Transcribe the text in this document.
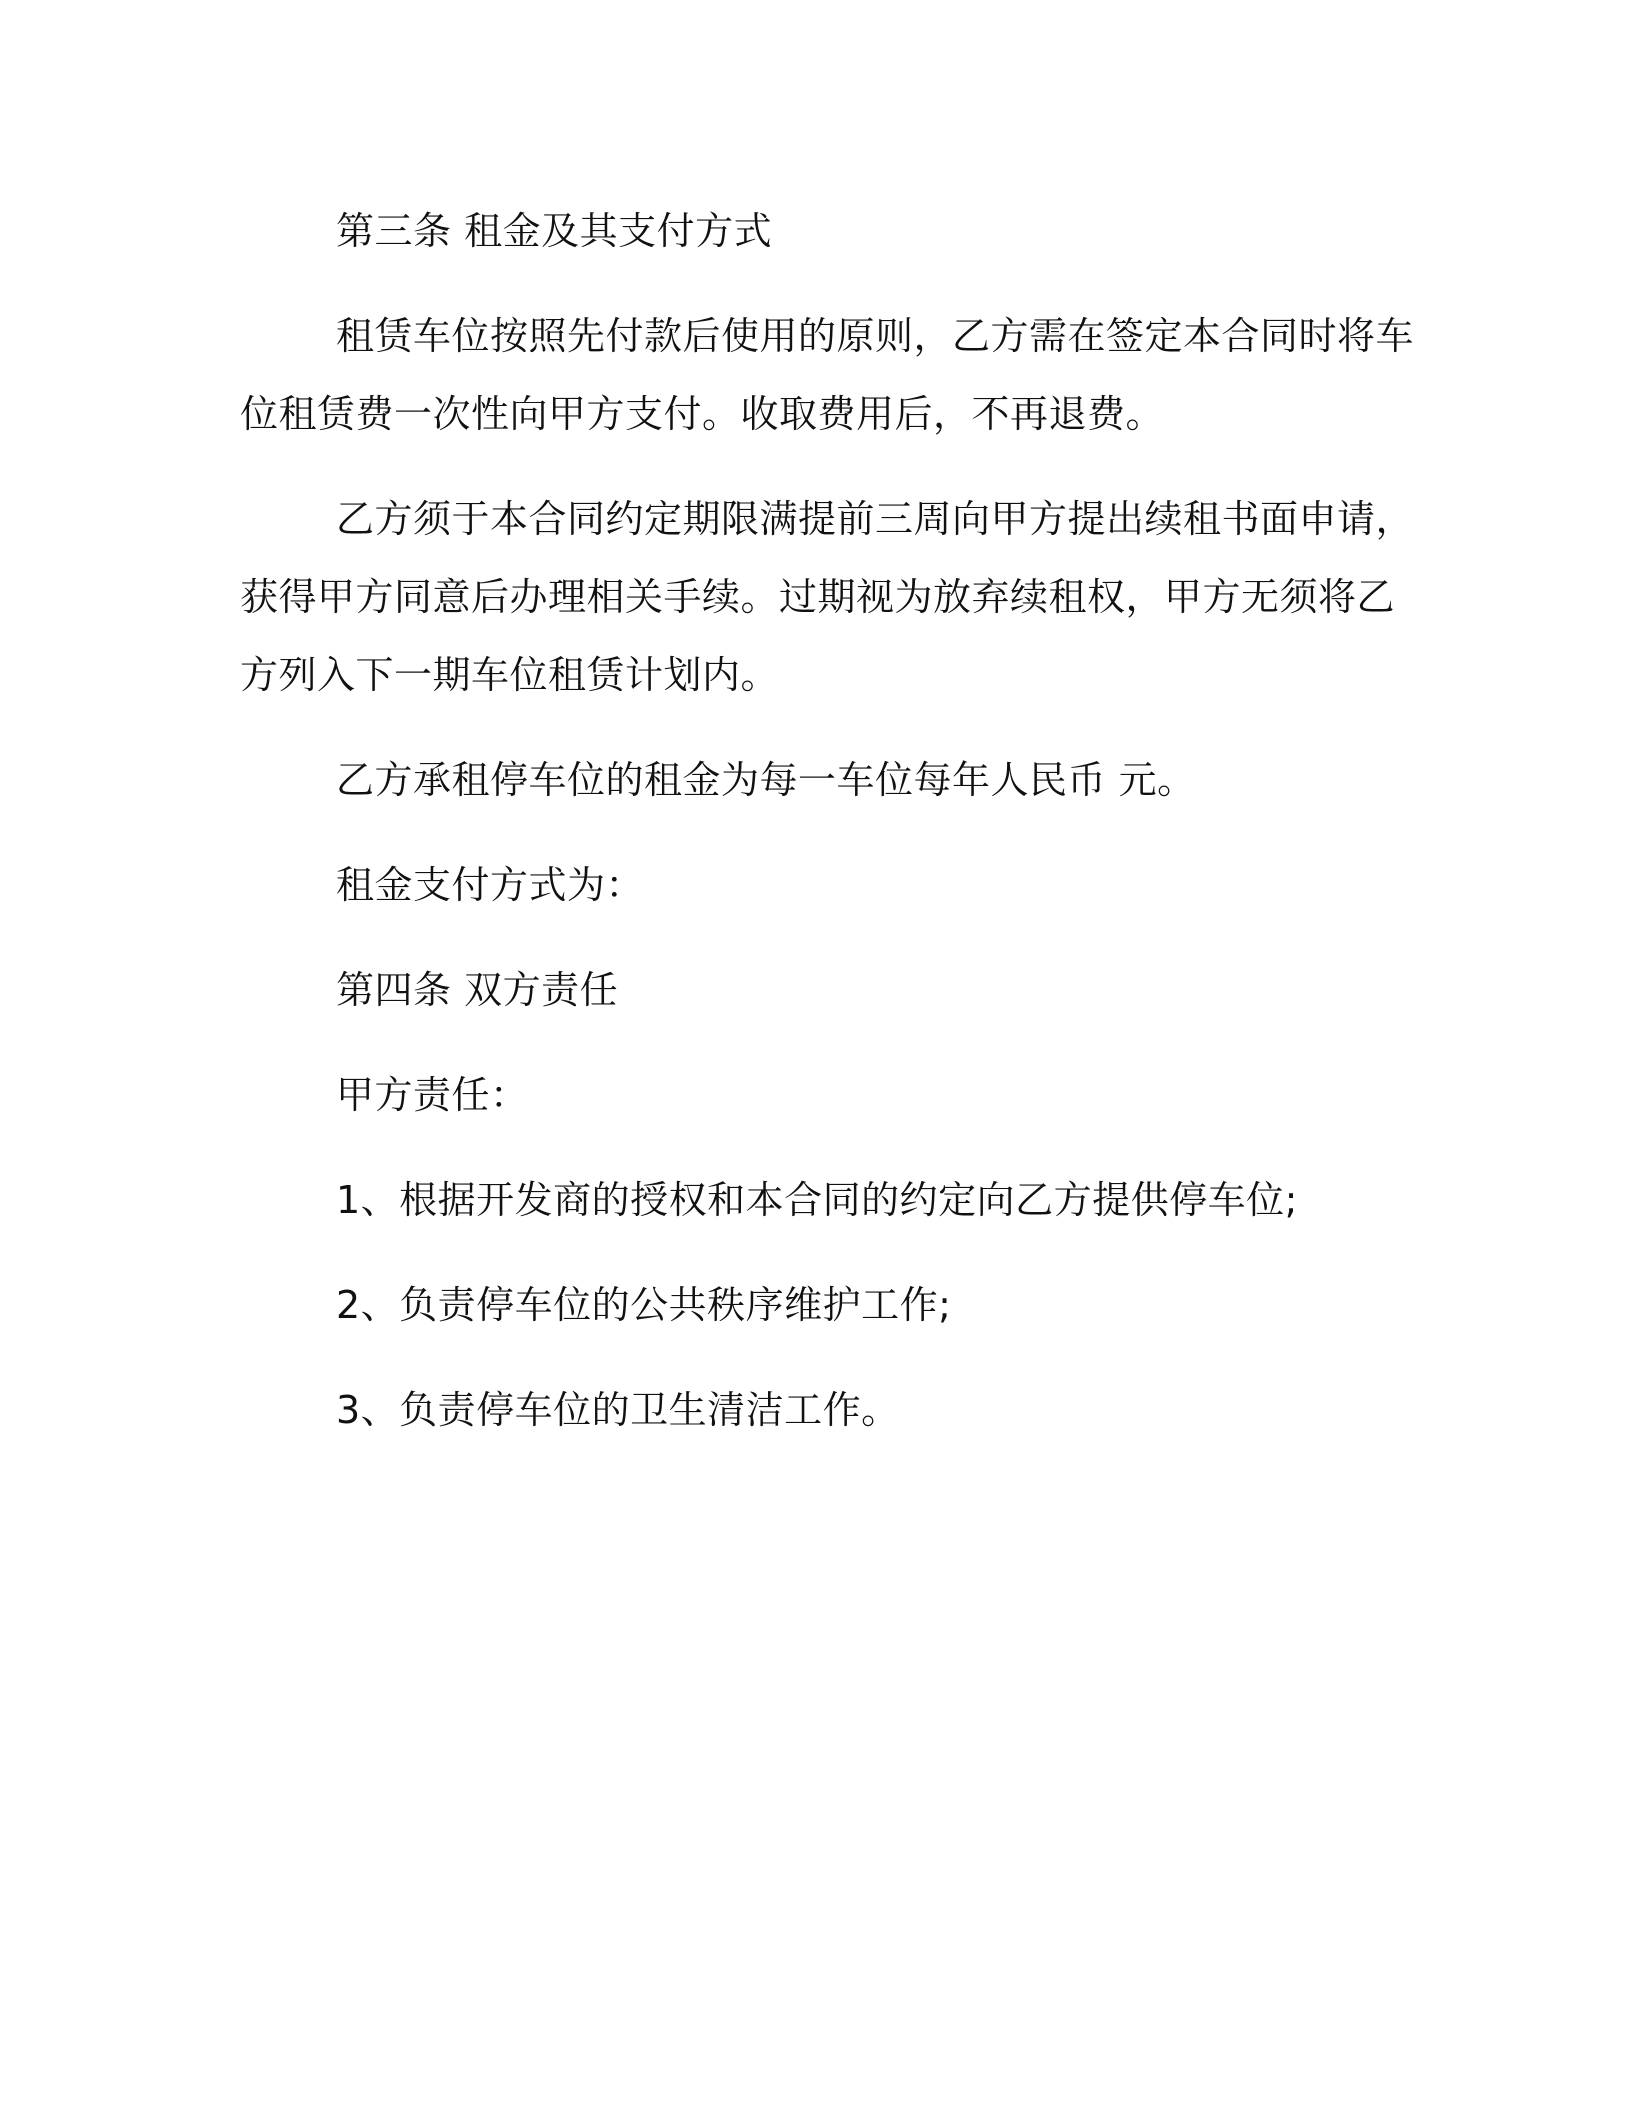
第三条 租金及其支付方式

租赁车位按照先付款后使用的原则，乙方需在签定本合同时将车
位租赁费一次性向甲方支付。收取费用后，不再退费。

乙方须于本合同约定期限满提前三周向甲方提出续租书面申请，
获得甲方同意后办理相关手续。过期视为放弃续租权，甲方无须将乙
方列入下一期车位租赁计划内。

乙方承租停车位的租金为每一车位每年人民币 元。

租金支付方式为：

第四条 双方责任

甲方责任：

1、根据开发商的授权和本合同的约定向乙方提供停车位;

2、负责停车位的公共秩序维护工作;

3、负责停车位的卫生清洁工作。
